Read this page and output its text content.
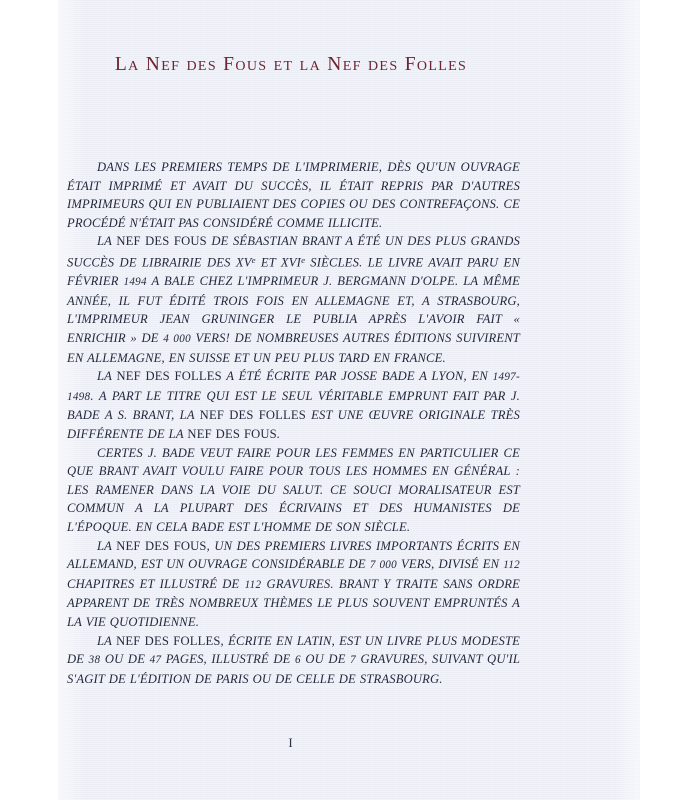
La Nef des Fous et la Nef des Folles

DANS LES PREMIERS TEMPS DE L'IMPRIMERIE, DÈS QU'UN OUVRAGE ÉTAIT IMPRIMÉ ET AVAIT DU SUCCÈS, IL ÉTAIT REPRIS PAR D'AUTRES IMPRIMEURS QUI EN PUBLIAIENT DES COPIES OU DES CONTREFAÇONS. CE PROCÉDÉ N'ÉTAIT PAS CONSIDÉRÉ COMME ILLICITE.

LA NEF DES FOUS DE SÉBASTIAN BRANT A ÉTÉ UN DES PLUS GRANDS SUCCÈS DE LIBRAIRIE DES XVe ET XVIe SIÈCLES. LE LIVRE AVAIT PARU EN FÉVRIER 1494 A BALE CHEZ L'IMPRIMEUR J. BERGMANN D'OLPE. LA MÊME ANNÉE, IL FUT ÉDITÉ TROIS FOIS EN ALLEMAGNE ET, A STRASBOURG, L'IMPRIMEUR JEAN GRUNINGER LE PUBLIA APRÈS L'AVOIR FAIT « ENRICHIR » DE 4 000 VERS! DE NOMBREUSES AUTRES ÉDITIONS SUIVIRENT EN ALLEMAGNE, EN SUISSE ET UN PEU PLUS TARD EN FRANCE.

LA NEF DES FOLLES A ÉTÉ ÉCRITE PAR JOSSE BADE A LYON, EN 1497-1498. A PART LE TITRE QUI EST LE SEUL VÉRITABLE EMPRUNT FAIT PAR J. BADE A S. BRANT, LA NEF DES FOLLES EST UNE ŒUVRE ORIGINALE TRÈS DIFFÉRENTE DE LA NEF DES FOUS.

CERTES J. BADE VEUT FAIRE POUR LES FEMMES EN PARTICULIER CE QUE BRANT AVAIT VOULU FAIRE POUR TOUS LES HOMMES EN GÉNÉRAL : LES RAMENER DANS LA VOIE DU SALUT. CE SOUCI MORALISATEUR EST COMMUN A LA PLUPART DES ÉCRIVAINS ET DES HUMANISTES DE L'ÉPOQUE. EN CELA BADE EST L'HOMME DE SON SIÈCLE.

LA NEF DES FOUS, UN DES PREMIERS LIVRES IMPORTANTS ÉCRITS EN ALLEMAND, EST UN OUVRAGE CONSIDÉRABLE DE 7 000 VERS, DIVISÉ EN 112 CHAPITRES ET ILLUSTRÉ DE 112 GRAVURES. BRANT Y TRAITE SANS ORDRE APPARENT DE TRÈS NOMBREUX THÈMES LE PLUS SOUVENT EMPRUNTÉS A LA VIE QUOTIDIENNE.

LA NEF DES FOLLES, ÉCRITE EN LATIN, EST UN LIVRE PLUS MODESTE DE 38 OU DE 47 PAGES, ILLUSTRÉ DE 6 OU DE 7 GRAVURES, SUIVANT QU'IL S'AGIT DE L'ÉDITION DE PARIS OU DE CELLE DE STRASBOURG.

I
